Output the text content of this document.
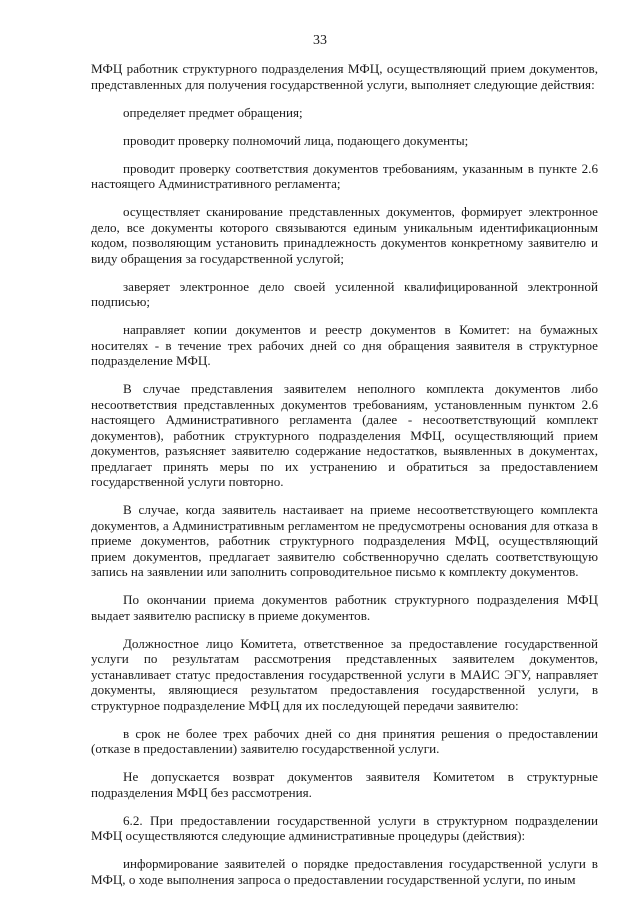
33

МФЦ работник структурного подразделения МФЦ, осуществляющий прием документов, представленных для получения государственной услуги, выполняет следующие действия:

определяет предмет обращения;

проводит проверку полномочий лица, подающего документы;

проводит проверку соответствия документов требованиям, указанным в пункте 2.6 настоящего Административного регламента;

осуществляет сканирование представленных документов, формирует электронное дело, все документы которого связываются единым уникальным идентификационным кодом, позволяющим установить принадлежность документов конкретному заявителю и виду обращения за государственной услугой;

заверяет электронное дело своей усиленной квалифицированной электронной подписью;

направляет копии документов и реестр документов в Комитет: на бумажных носителях - в течение трех рабочих дней со дня обращения заявителя в структурное подразделение МФЦ.

В случае представления заявителем неполного комплекта документов либо несоответствия представленных документов требованиям, установленным пунктом 2.6 настоящего Административного регламента (далее - несоответствующий комплект документов), работник структурного подразделения МФЦ, осуществляющий прием документов, разъясняет заявителю содержание недостатков, выявленных в документах, предлагает принять меры по их устранению и обратиться за предоставлением государственной услуги повторно.

В случае, когда заявитель настаивает на приеме несоответствующего комплекта документов, а Административным регламентом не предусмотрены основания для отказа в приеме документов, работник структурного подразделения МФЦ, осуществляющий прием документов, предлагает заявителю собственноручно сделать соответствующую запись на заявлении или заполнить сопроводительное письмо к комплекту документов.

По окончании приема документов работник структурного подразделения МФЦ выдает заявителю расписку в приеме документов.

Должностное лицо Комитета, ответственное за предоставление государственной услуги по результатам рассмотрения представленных заявителем документов, устанавливает статус предоставления государственной услуги в МАИС ЭГУ, направляет документы, являющиеся результатом предоставления государственной услуги, в структурное подразделение МФЦ для их последующей передачи заявителю:

в срок не более трех рабочих дней со дня принятия решения о предоставлении (отказе в предоставлении) заявителю государственной услуги.

Не допускается возврат документов заявителя Комитетом в структурные подразделения МФЦ без рассмотрения.

6.2. При предоставлении государственной услуги в структурном подразделении МФЦ осуществляются следующие административные процедуры (действия):

информирование заявителей о порядке предоставления государственной услуги в МФЦ, о ходе выполнения запроса о предоставлении государственной услуги, по иным
